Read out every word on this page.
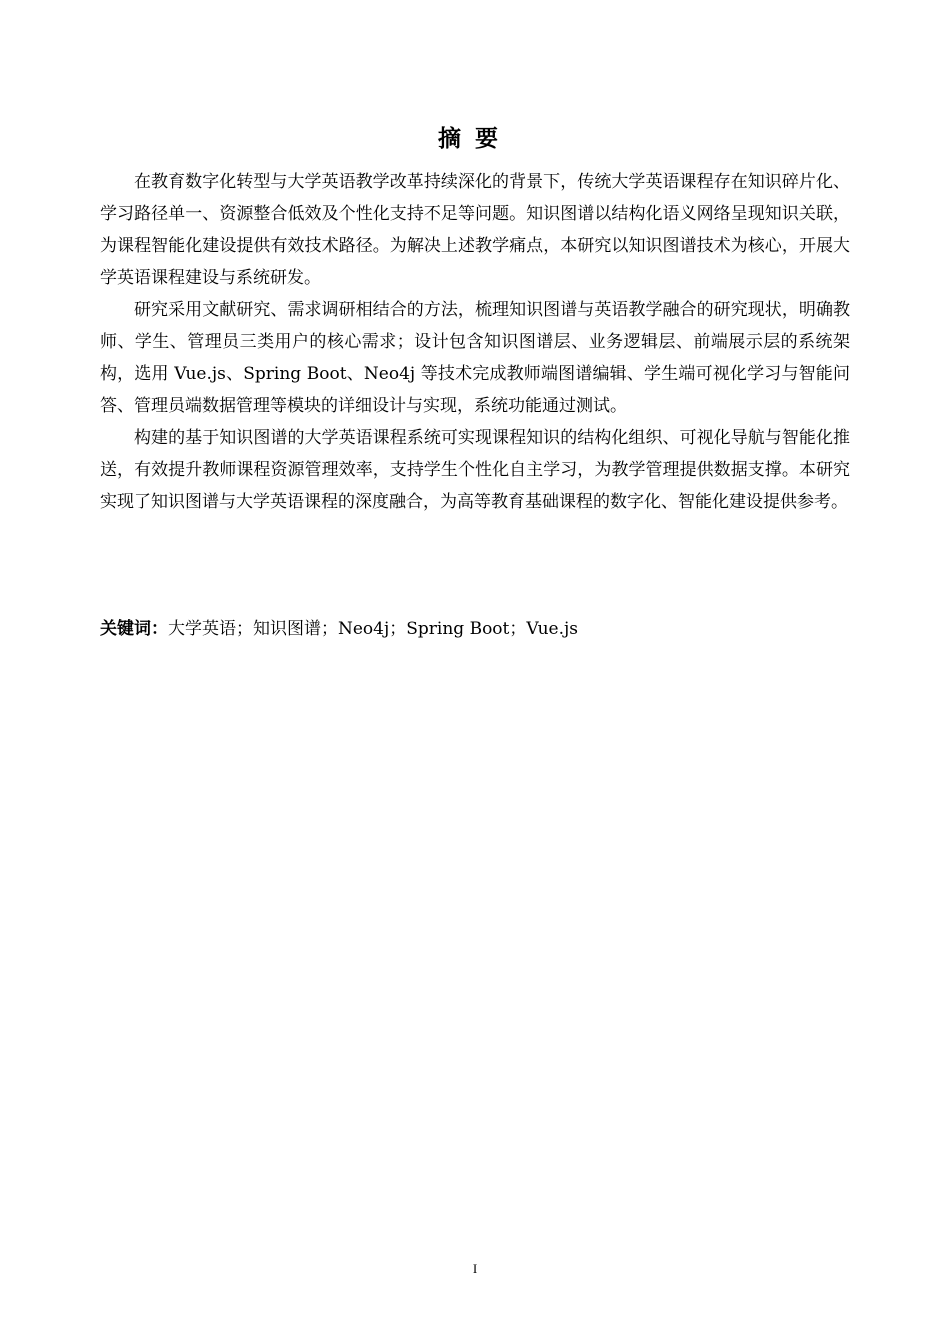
摘要

在教育数字化转型与大学英语教学改革持续深化的背景下，传统大学英语课程存在知识碎片化、学习路径单一、资源整合低效及个性化支持不足等问题。知识图谱以结构化语义网络呈现知识关联，为课程智能化建设提供有效技术路径。为解决上述教学痛点，本研究以知识图谱技术为核心，开展大学英语课程建设与系统研发。

研究采用文献研究、需求调研相结合的方法，梳理知识图谱与英语教学融合的研究现状，明确教师、学生、管理员三类用户的核心需求；设计包含知识图谱层、业务逻辑层、前端展示层的系统架构，选用 Vue.js、Spring Boot、Neo4j 等技术完成教师端图谱编辑、学生端可视化学习与智能问答、管理员端数据管理等模块的详细设计与实现，系统功能通过测试。

构建的基于知识图谱的大学英语课程系统可实现课程知识的结构化组织、可视化导航与智能化推送，有效提升教师课程资源管理效率，支持学生个性化自主学习，为教学管理提供数据支撑。本研究实现了知识图谱与大学英语课程的深度融合，为高等教育基础课程的数字化、智能化建设提供参考。

关键词：大学英语；知识图谱；Neo4j；Spring Boot；Vue.js
I
